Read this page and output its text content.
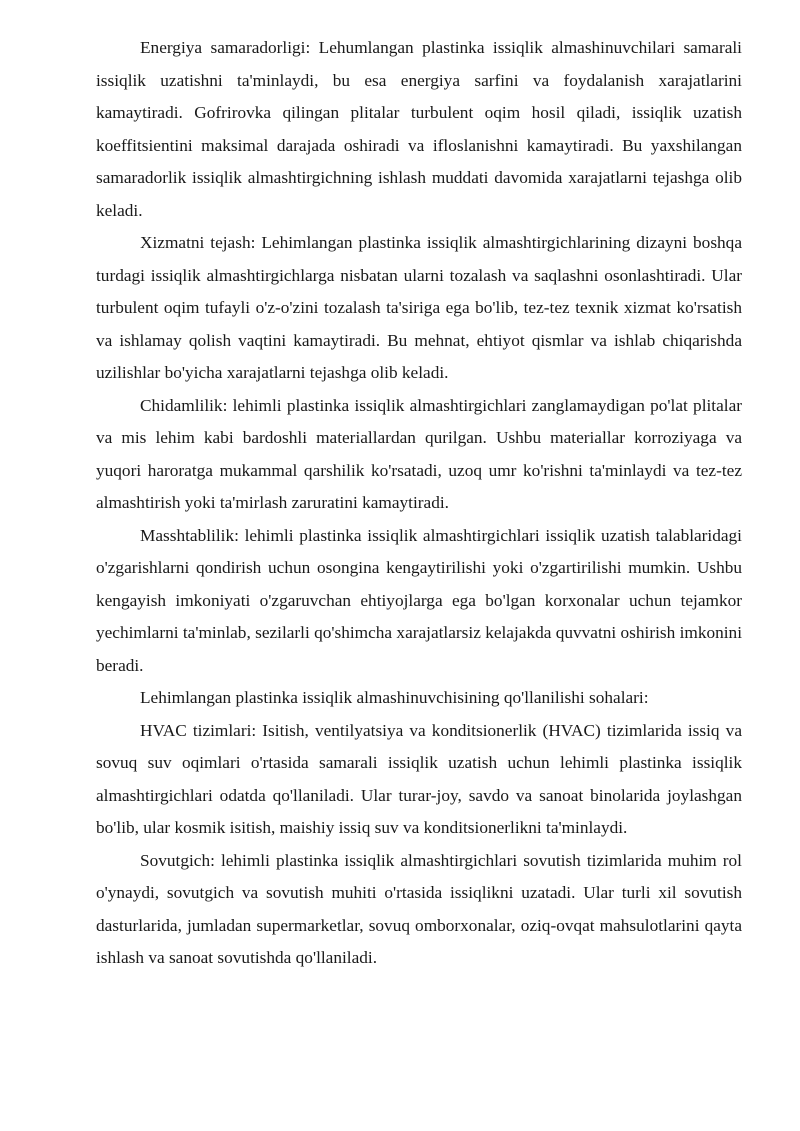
Energiya samaradorligi: Lehumlangan plastinka issiqlik almashinuvchilari samarali issiqlik uzatishni ta'minlaydi, bu esa energiya sarfini va foydalanish xarajatlarini kamaytiradi. Gofrirovka qilingan plitalar turbulent oqim hosil qiladi, issiqlik uzatish koeffitsientini maksimal darajada oshiradi va ifloslanishni kamaytiradi. Bu yaxshilangan samaradorlik issiqlik almashtirgichning ishlash muddati davomida xarajatlarni tejashga olib keladi.

Xizmatni tejash: Lehimlangan plastinka issiqlik almashtirgichlarining dizayni boshqa turdagi issiqlik almashtirgichlarga nisbatan ularni tozalash va saqlashni osonlashtiradi. Ular turbulent oqim tufayli o'z-o'zini tozalash ta'siriga ega bo'lib, tez-tez texnik xizmat ko'rsatish va ishlamay qolish vaqtini kamaytiradi. Bu mehnat, ehtiyot qismlar va ishlab chiqarishda uzilishlar bo'yicha xarajatlarni tejashga olib keladi.

Chidamlilik: lehimli plastinka issiqlik almashtirgichlari zanglamaydigan po'lat plitalar va mis lehim kabi bardoshli materiallardan qurilgan. Ushbu materiallar korroziyaga va yuqori haroratga mukammal qarshilik ko'rsatadi, uzoq umr ko'rishni ta'minlaydi va tez-tez almashtirish yoki ta'mirlash zaruratini kamaytiradi.

Masshtablilik: lehimli plastinka issiqlik almashtirgichlari issiqlik uzatish talablaridagi o'zgarishlarni qondirish uchun osongina kengaytirilishi yoki o'zgartirilishi mumkin. Ushbu kengayish imkoniyati o'zgaruvchan ehtiyojlarga ega bo'lgan korxonalar uchun tejamkor yechimlarni ta'minlab, sezilarli qo'shimcha xarajatlarsiz kelajakda quvvatni oshirish imkonini beradi.

Lehimlangan plastinka issiqlik almashinuvchisining qo'llanilishi sohalari:

HVAC tizimlari: Isitish, ventilyatsiya va konditsionerlik (HVAC) tizimlarida issiq va sovuq suv oqimlari o'rtasida samarali issiqlik uzatish uchun lehimli plastinka issiqlik almashtirgichlari odatda qo'llaniladi. Ular turar-joy, savdo va sanoat binolarida joylashgan bo'lib, ular kosmik isitish, maishiy issiq suv va konditsionerlikni ta'minlaydi.

Sovutgich: lehimli plastinka issiqlik almashtirgichlari sovutish tizimlarida muhim rol o'ynaydi, sovutgich va sovutish muhiti o'rtasida issiqlikni uzatadi. Ular turli xil sovutish dasturlarida, jumladan supermarketlar, sovuq omborxonalar, oziq-ovqat mahsulotlarini qayta ishlash va sanoat sovutishda qo'llaniladi.
